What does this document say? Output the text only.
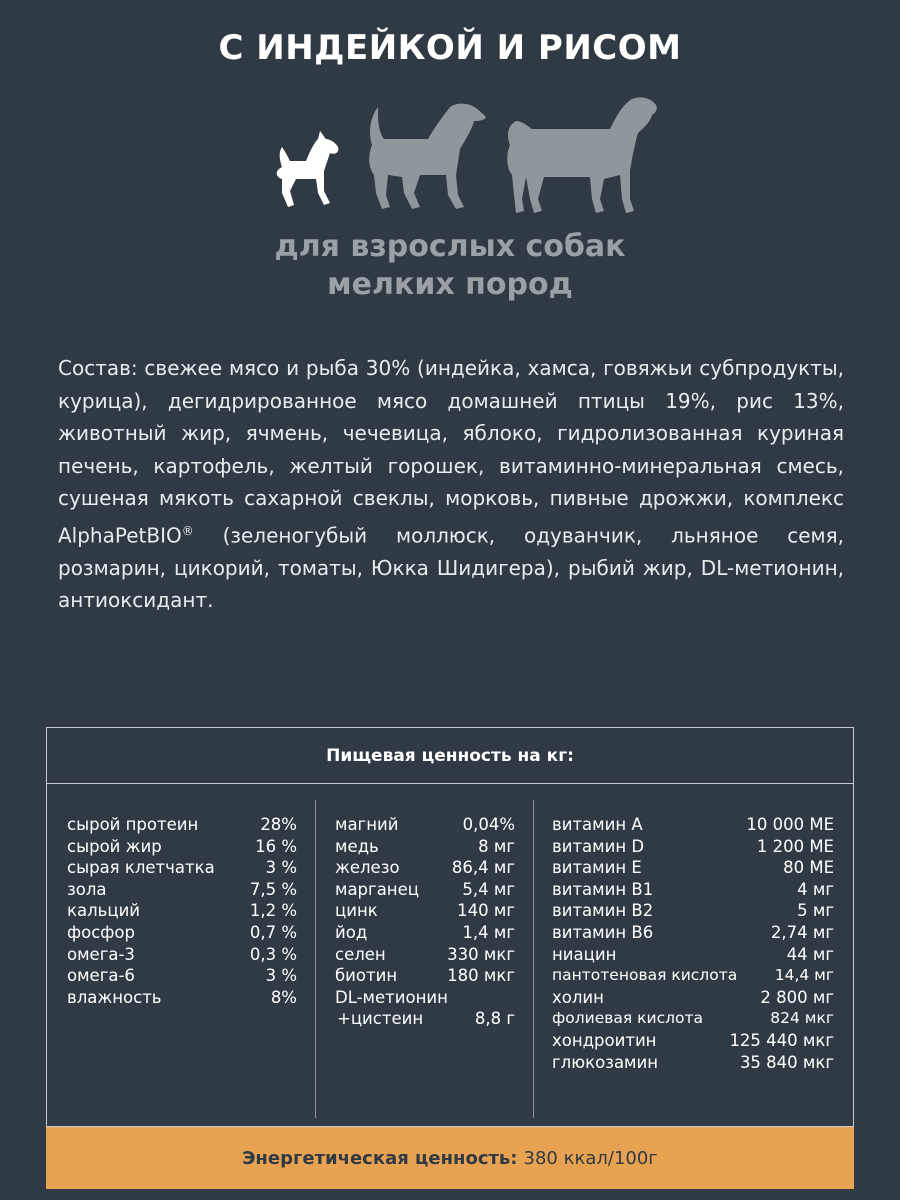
С ИНДЕЙКОЙ И РИСОМ
для взрослых собак
мелких пород
Состав: свежее мясо и рыба 30% (индейка, хамса, говяжьи субпродукты, курица), дегидрированное мясо домашней птицы 19%, рис 13%, животный жир, ячмень, чечевица, яблоко, гидролизованная куриная печень, картофель, желтый горошек, витаминно-минеральная смесь, сушеная мякоть сахарной свеклы, морковь, пивные дрожжи, комплекс AlphaPetBIO® (зеленогубый моллюск, одуванчик, льняное семя, розмарин, цикорий, томаты, Юкка Шидигера), рыбий жир, DL-метионин, антиоксидант.
Пищевая ценность на кг:
сырой протеин	28%
сырой жир	16 %
сырая клетчатка	3 %
зола	7,5 %
кальций	1,2 %
фосфор	0,7 %
омега-3	0,3 %
омега-6	3 %
влажность	8%
магний	0,04%
медь	8 мг
железо	86,4 мг
марганец	5,4 мг
цинк	140 мг
йод	1,4 мг
селен	330 мкг
биотин	180 мкг
DL-метионин
+цистеин	8,8 г
витамин А	10 000 МЕ
витамин D	1 200 МЕ
витамин E	80 МЕ
витамин В1	4 мг
витамин В2	5 мг
витамин В6	2,74 мг
ниацин	44 мг
пантотеновая кислота 14,4 мг
холин	2 800 мг
фолиевая кислота	824 мкг
хондроитин	125 440 мкг
глюкозамин	35 840 мкг
Энергетическая ценность: 380 ккал/100г
